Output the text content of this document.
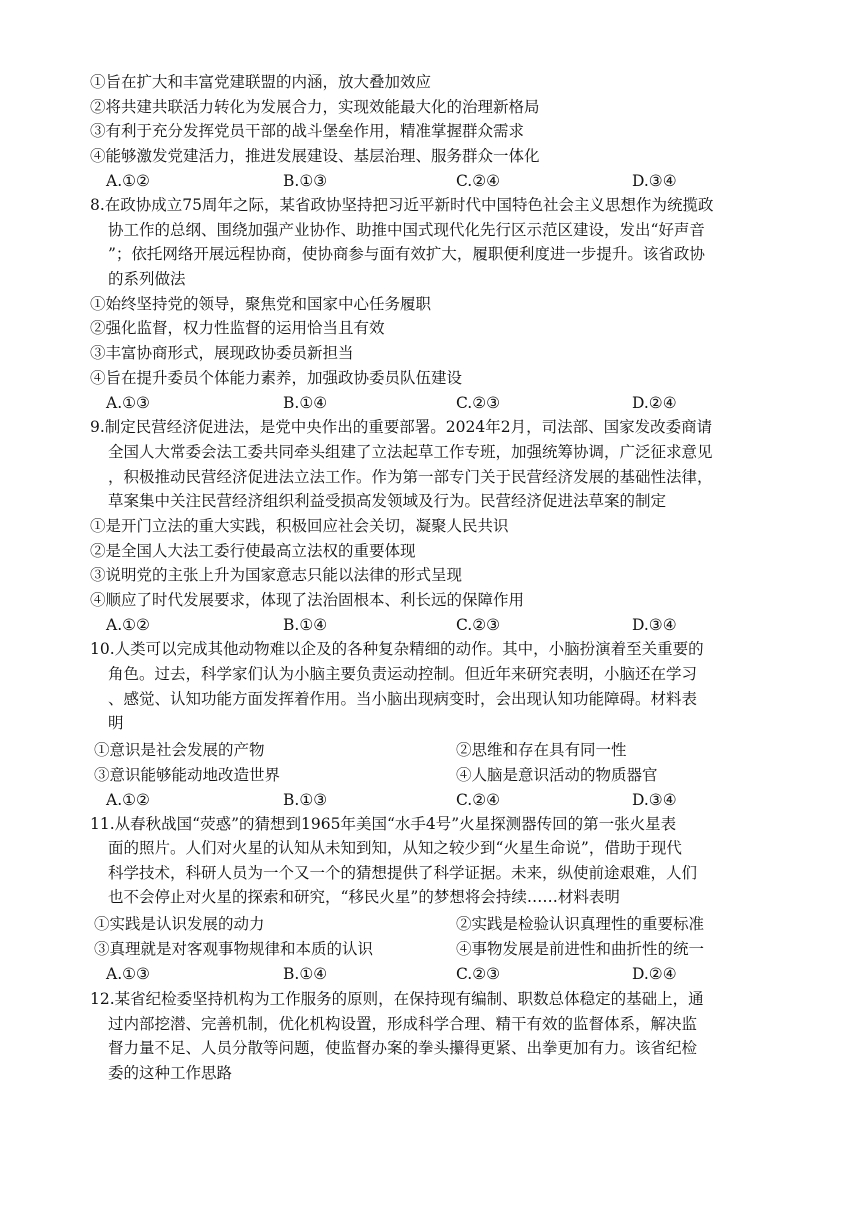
①旨在扩大和丰富党建联盟的内涵，放大叠加效应
②将共建共联活力转化为发展合力，实现效能最大化的治理新格局
③有利于充分发挥党员干部的战斗堡垒作用，精准掌握群众需求
④能够激发党建活力，推进发展建设、基层治理、服务群众一体化
A.①②	B.①③	C.②④	D.③④
8.在政协成立75周年之际，某省政协坚持把习近平新时代中国特色社会主义思想作为统揽政
协工作的总纲、围绕加强产业协作、助推中国式现代化先行区示范区建设，发出“好声音
”；依托网络开展远程协商，使协商参与面有效扩大，履职便利度进一步提升。该省政协
的系列做法
①始终坚持党的领导，聚焦党和国家中心任务履职
②强化监督，权力性监督的运用恰当且有效
③丰富协商形式，展现政协委员新担当
④旨在提升委员个体能力素养，加强政协委员队伍建设
A.①③	B.①④	C.②③	D.②④
9.制定民营经济促进法，是党中央作出的重要部署。2024年2月，司法部、国家发改委商请
全国人大常委会法工委共同牵头组建了立法起草工作专班，加强统筹协调，广泛征求意见
，积极推动民营经济促进法立法工作。作为第一部专门关于民营经济发展的基础性法律，
草案集中关注民营经济组织利益受损高发领域及行为。民营经济促进法草案的制定
①是开门立法的重大实践，积极回应社会关切，凝聚人民共识
②是全国人大法工委行使最高立法权的重要体现
③说明党的主张上升为国家意志只能以法律的形式呈现
④顺应了时代发展要求，体现了法治固根本、利长远的保障作用
A.①②	B.①④	C.②③	D.③④
10.人类可以完成其他动物难以企及的各种复杂精细的动作。其中，小脑扮演着至关重要的
角色。过去，科学家们认为小脑主要负责运动控制。但近年来研究表明，小脑还在学习
、感觉、认知功能方面发挥着作用。当小脑出现病变时，会出现认知功能障碍。材料表
明
①意识是社会发展的产物	②思维和存在具有同一性
③意识能够能动地改造世界	④人脑是意识活动的物质器官
A.①②	B.①③	C.②④	D.③④
11.从春秋战国“荧惑”的猜想到1965年美国“水手4号”火星探测器传回的第一张火星表
面的照片。人们对火星的认知从未知到知，从知之较少到“火星生命说”，借助于现代
科学技术，科研人员为一个又一个的猜想提供了科学证据。未来，纵使前途艰难，人们
也不会停止对火星的探索和研究，“移民火星”的梦想将会持续……材料表明
①实践是认识发展的动力	②实践是检验认识真理性的重要标准
③真理就是对客观事物规律和本质的认识	④事物发展是前进性和曲折性的统一
A.①③	B.①④	C.②③	D.②④
12.某省纪检委坚持机构为工作服务的原则，在保持现有编制、职数总体稳定的基础上，通
过内部挖潜、完善机制，优化机构设置，形成科学合理、精干有效的监督体系，解决监
督力量不足、人员分散等问题，使监督办案的拳头攥得更紧、出拳更加有力。该省纪检
委的这种工作思路
